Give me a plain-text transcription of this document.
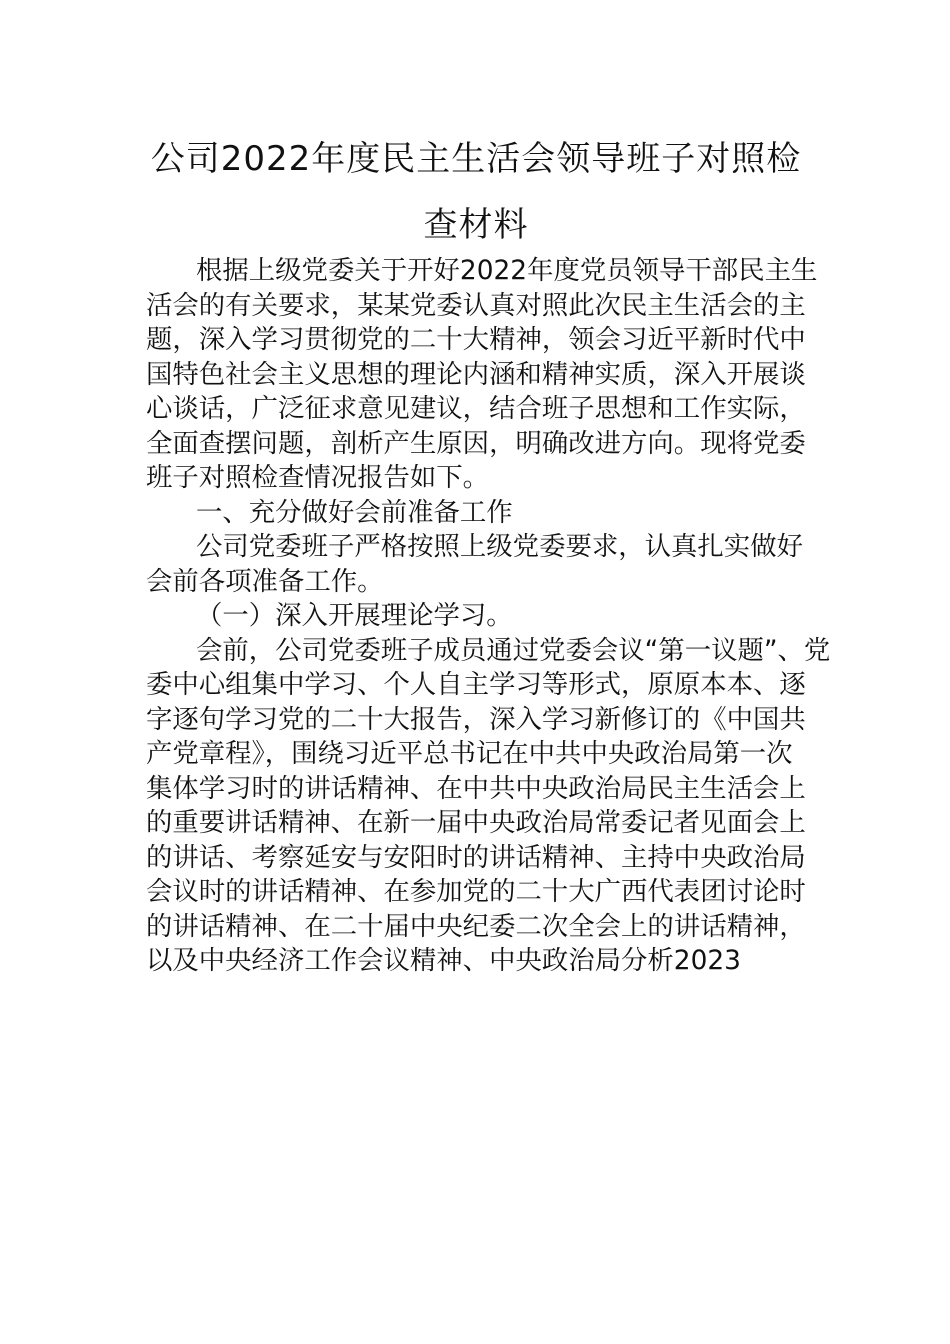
公司2022年度民主生活会领导班子对照检
查材料
根据上级党委关于开好2022年度党员领导干部民主生
活会的有关要求，某某党委认真对照此次民主生活会的主
题，深入学习贯彻党的二十大精神，领会习近平新时代中
国特色社会主义思想的理论内涵和精神实质，深入开展谈
心谈话，广泛征求意见建议，结合班子思想和工作实际，
全面查摆问题，剖析产生原因，明确改进方向。现将党委
班子对照检查情况报告如下。
一、充分做好会前准备工作
公司党委班子严格按照上级党委要求，认真扎实做好
会前各项准备工作。
（一）深入开展理论学习。
会前，公司党委班子成员通过党委会议“第一议题”、党
委中心组集中学习、个人自主学习等形式，原原本本、逐
字逐句学习党的二十大报告，深入学习新修订的《中国共
产党章程》，围绕习近平总书记在中共中央政治局第一次
集体学习时的讲话精神、在中共中央政治局民主生活会上
的重要讲话精神、在新一届中央政治局常委记者见面会上
的讲话、考察延安与安阳时的讲话精神、主持中央政治局
会议时的讲话精神、在参加党的二十大广西代表团讨论时
的讲话精神、在二十届中央纪委二次全会上的讲话精神，
以及中央经济工作会议精神、中央政治局分析2023
